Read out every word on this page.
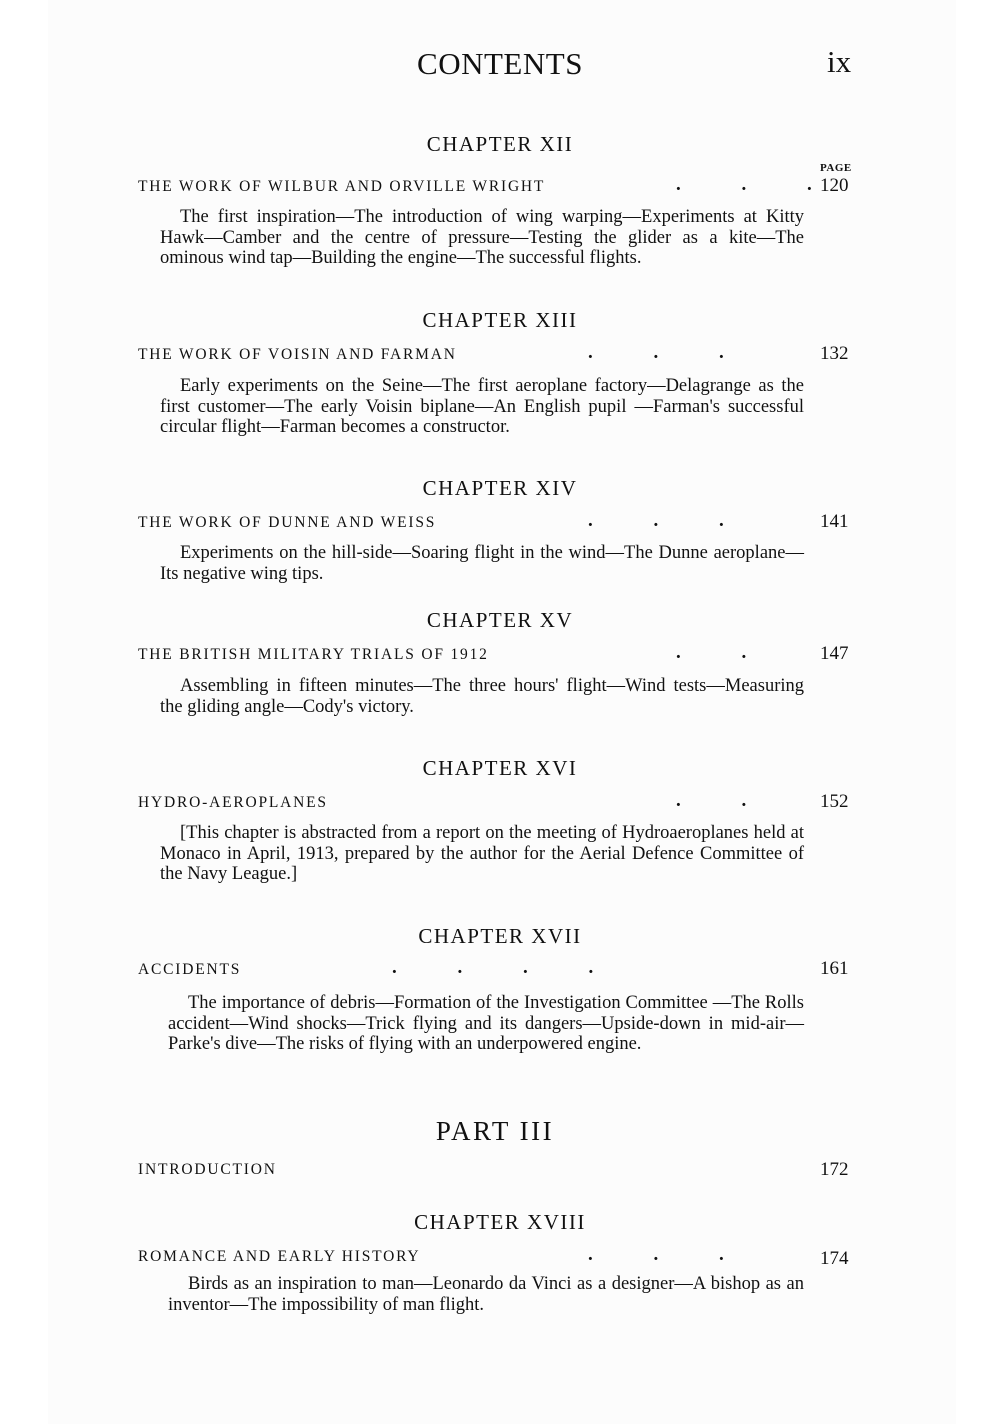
CONTENTS	ix
CHAPTER XII
PAGE
THE WORK OF WILBUR AND ORVILLE WRIGHT	. . . 120
The first inspiration—The introduction of wing warping—Experiments at Kitty Hawk—Camber and the centre of pressure—Testing the glider as a kite—The ominous wind tap—Building the engine—The successful flights.
CHAPTER XIII
THE WORK OF VOISIN AND FARMAN	. . .	132
Early experiments on the Seine—The first aeroplane factory—Delagrange as the first customer—The early Voisin biplane—An English pupil —Farman's successful circular flight—Farman becomes a constructor.
CHAPTER XIV
THE WORK OF DUNNE AND WEISS	. . .	141
Experiments on the hill-side—Soaring flight in the wind—The Dunne aeroplane—Its negative wing tips.
CHAPTER XV
THE BRITISH MILITARY TRIALS OF 1912	. .	147
Assembling in fifteen minutes—The three hours' flight—Wind tests—Measuring the gliding angle—Cody's victory.
CHAPTER XVI
HYDRO-AEROPLANES	. .	152
[This chapter is abstracted from a report on the meeting of Hydroaeroplanes held at Monaco in April, 1913, prepared by the author for the Aerial Defence Committee of the Navy League.]
CHAPTER XVII
ACCIDENTS	. . . .	161
The importance of debris—Formation of the Investigation Committee —The Rolls accident—Wind shocks—Trick flying and its dangers—Upside-down in mid-air—Parke's dive—The risks of flying with an underpowered engine.
PART III
INTRODUCTION	172
CHAPTER XVIII
ROMANCE AND EARLY HISTORY	. . .	174
Birds as an inspiration to man—Leonardo da Vinci as a designer—A bishop as an inventor—The impossibility of man flight.
